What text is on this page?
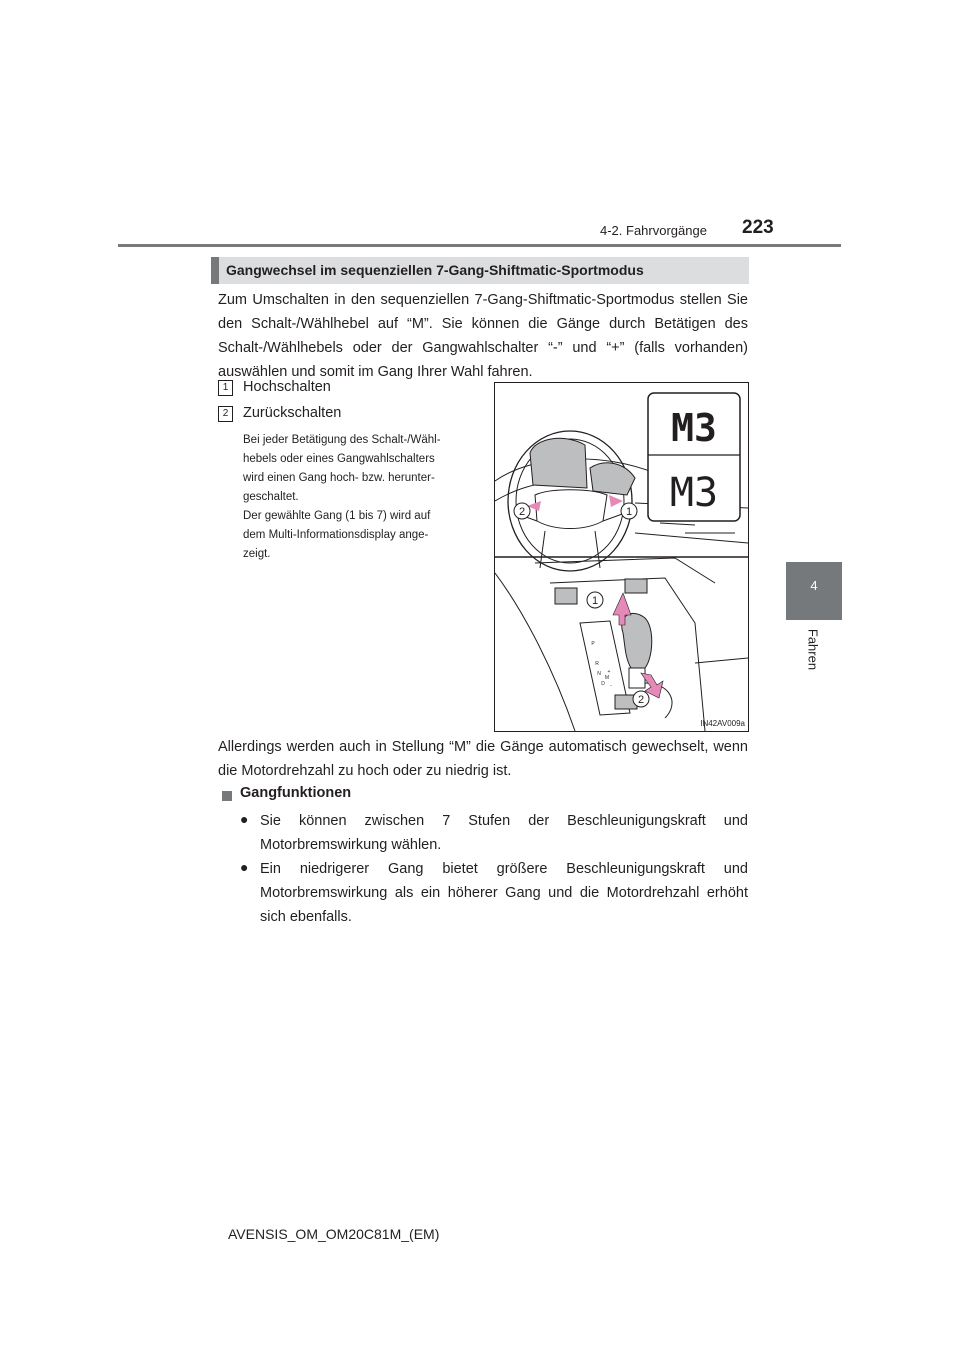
4-2. Fahrvorgänge 223
4
Fahren
Gangwechsel im sequenziellen 7-Gang-Shiftmatic-Sportmodus
Zum Umschalten in den sequenziellen 7-Gang-Shiftmatic-Sportmodus stellen Sie den Schalt-/Wählhebel auf “M”. Sie können die Gänge durch Betätigen des Schalt-/Wählhebels oder der Gangwahlschalter “-” und “+” (falls vorhanden) auswählen und somit im Gang Ihrer Wahl fahren.
1	Hochschalten
2	Zurückschalten
Bei jeder Betätigung des Schalt-/Wähl-
hebels oder eines Gangwahlschalters
wird einen Gang hoch- bzw. herunter-
geschaltet.
Der gewählte Gang (1 bis 7) wird auf
dem Multi-Informationsdisplay ange-
zeigt.
2	1
M3
M3
P
R
N
D
M
+
-
1
2
IN42AV009a
Allerdings werden auch in Stellung “M” die Gänge automatisch gewechselt, wenn die Motordrehzahl zu hoch oder zu niedrig ist.
Gangfunktionen
● Sie können zwischen 7 Stufen der Beschleunigungskraft und Motorbremswirkung wählen.
● Ein niedrigerer Gang bietet größere Beschleunigungskraft und Motorbremswirkung als ein höherer Gang und die Motordrehzahl erhöht sich ebenfalls.
AVENSIS_OM_OM20C81M_(EM)
